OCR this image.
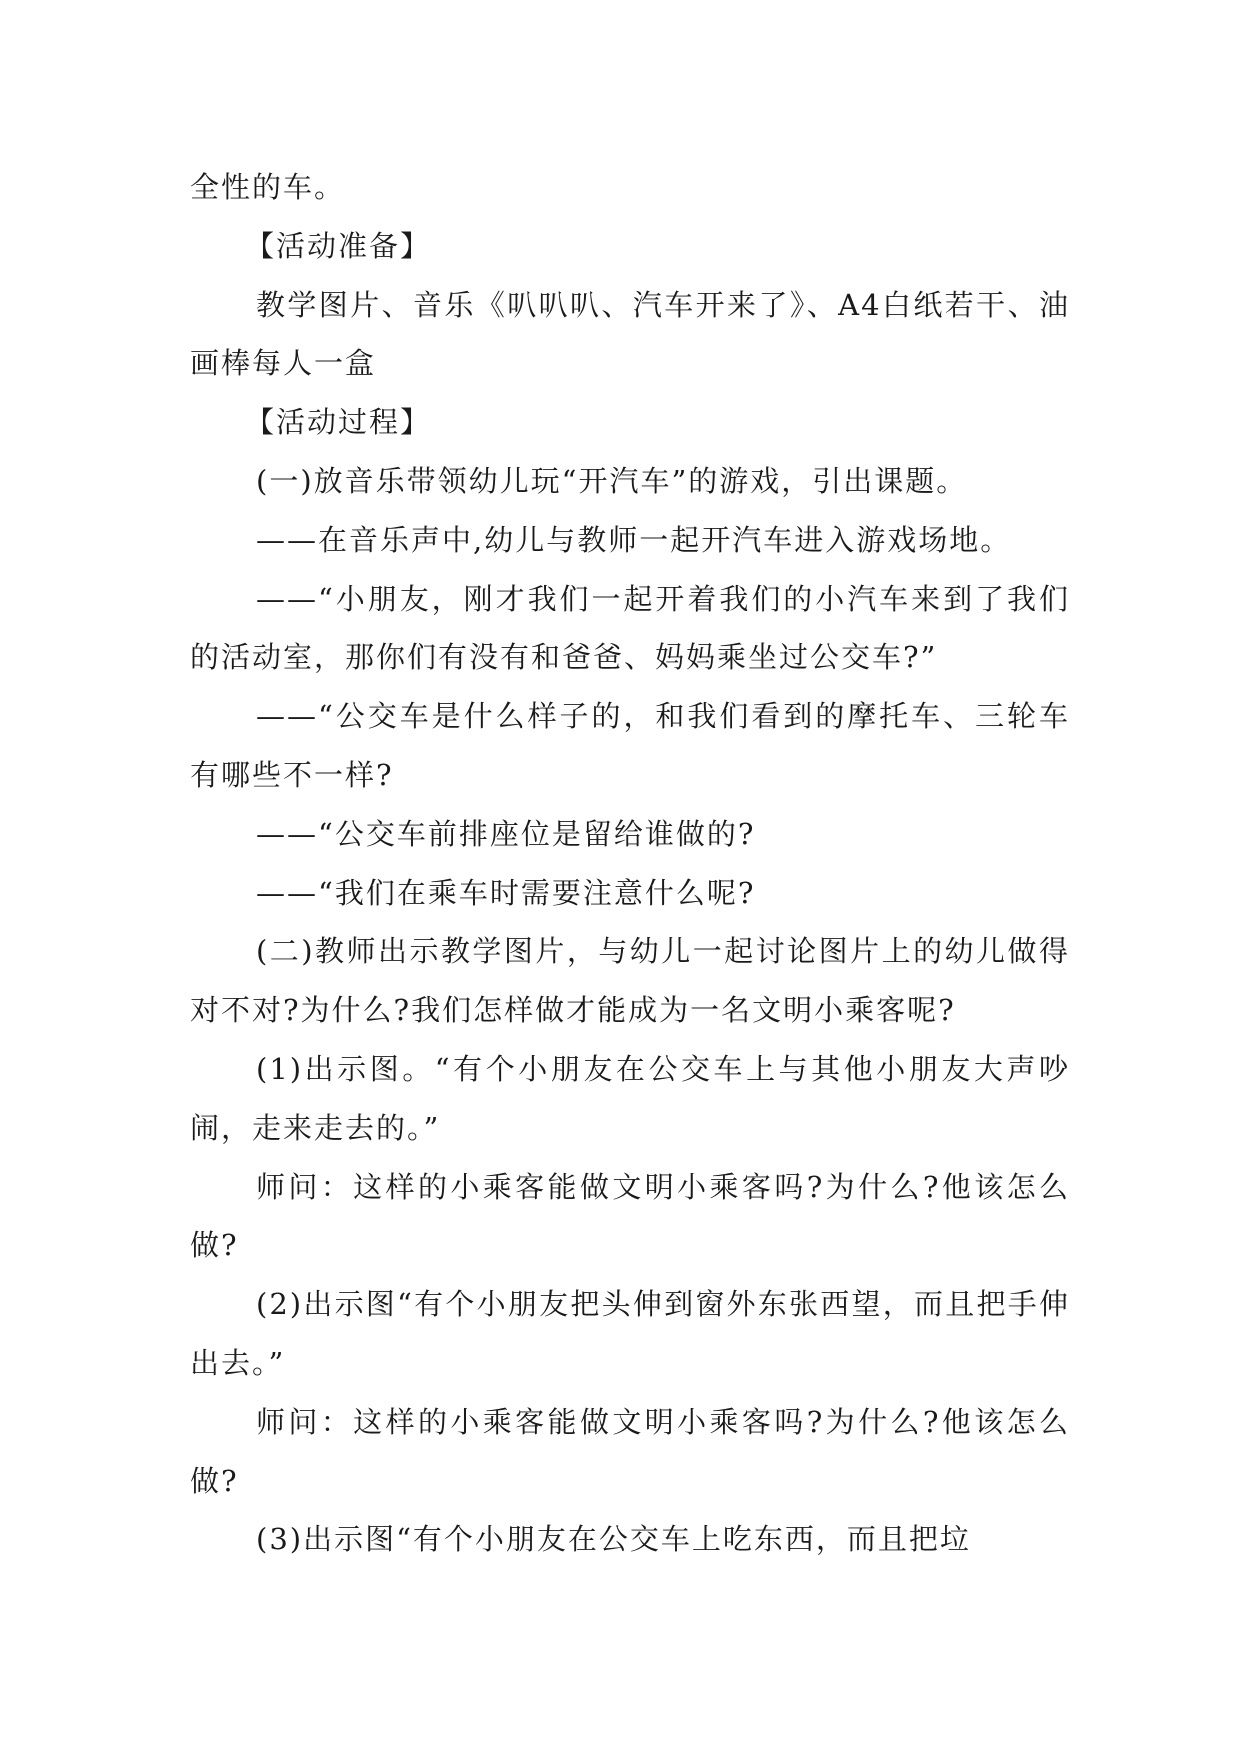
全性的车。

【活动准备】

教学图片、音乐《叭叭叭、汽车开来了》、A4白纸若干、油画棒每人一盒

【活动过程】

(一)放音乐带领幼儿玩“开汽车”的游戏，引出课题。

——在音乐声中,幼儿与教师一起开汽车进入游戏场地。

——“小朋友，刚才我们一起开着我们的小汽车来到了我们的活动室，那你们有没有和爸爸、妈妈乘坐过公交车?”

——“公交车是什么样子的，和我们看到的摩托车、三轮车有哪些不一样?

——“公交车前排座位是留给谁做的?

——“我们在乘车时需要注意什么呢?

(二)教师出示教学图片，与幼儿一起讨论图片上的幼儿做得对不对?为什么?我们怎样做才能成为一名文明小乘客呢?

(1)出示图。“有个小朋友在公交车上与其他小朋友大声吵闹，走来走去的。”

师问：这样的小乘客能做文明小乘客吗?为什么?他该怎么做?

(2)出示图“有个小朋友把头伸到窗外东张西望，而且把手伸出去。”

师问：这样的小乘客能做文明小乘客吗?为什么?他该怎么做?

(3)出示图“有个小朋友在公交车上吃东西，而且把垃
